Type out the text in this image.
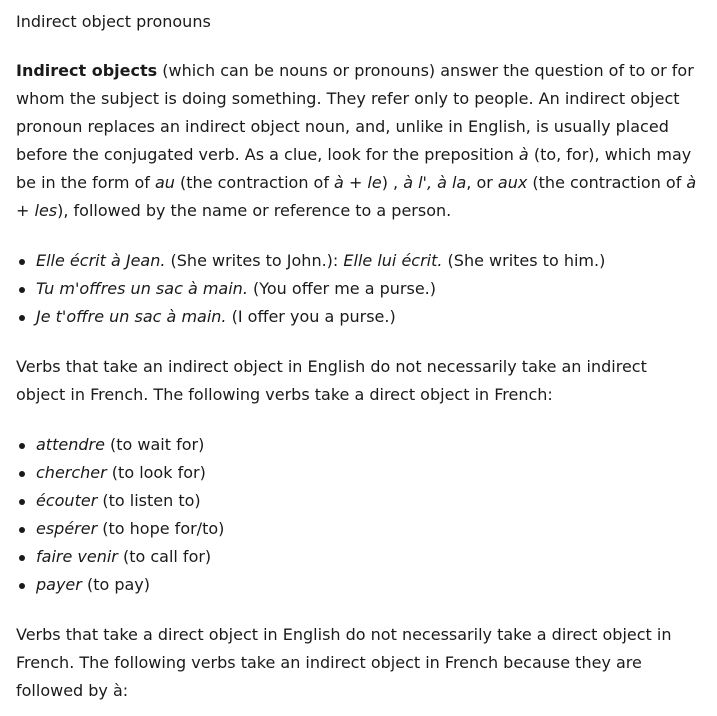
Indirect object pronouns

Indirect objects (which can be nouns or pronouns) answer the question of to or for whom the subject is doing something. They refer only to people. An indirect object pronoun replaces an indirect object noun, and, unlike in English, is usually placed before the conjugated verb. As a clue, look for the preposition à (to, for), which may be in the form of au (the contraction of à + le) , à l', à la, or aux (the contraction of à + les), followed by the name or reference to a person.

Elle écrit à Jean. (She writes to John.): Elle lui écrit. (She writes to him.)
Tu m'offres un sac à main. (You offer me a purse.)
Je t'offre un sac à main. (I offer you a purse.)

Verbs that take an indirect object in English do not necessarily take an indirect object in French. The following verbs take a direct object in French:

attendre (to wait for)
chercher (to look for)
écouter (to listen to)
espérer (to hope for/to)
faire venir (to call for)
payer (to pay)

Verbs that take a direct object in English do not necessarily take a direct object in French. The following verbs take an indirect object in French because they are followed by à:
